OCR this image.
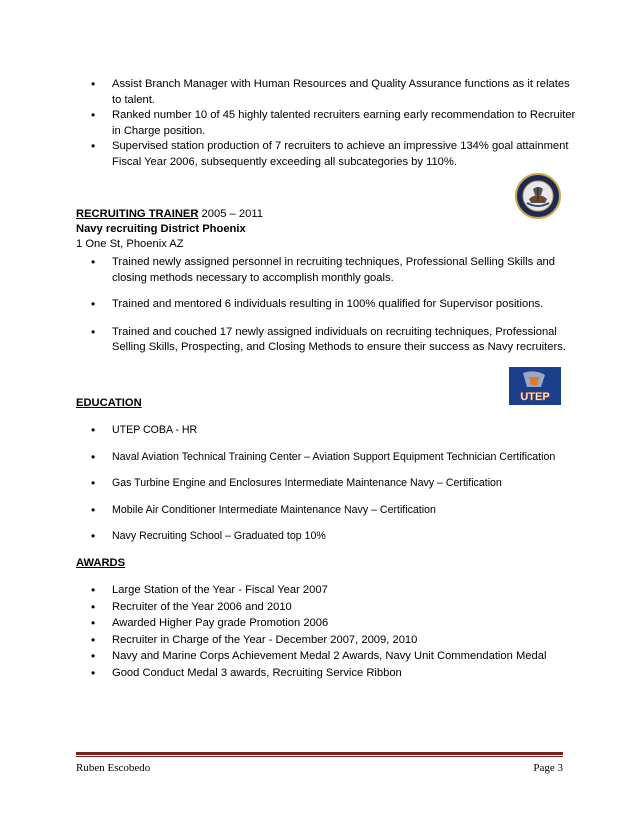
• Assist Branch Manager with Human Resources and Quality Assurance functions as it relates to talent.
• Ranked number 10 of 45 highly talented recruiters earning early recommendation to Recruiter in Charge position.
• Supervised station production of 7 recruiters to achieve an impressive 134% goal attainment Fiscal Year 2006, subsequently exceeding all subcategories by 110%.
RECRUITING TRAINER 2005 – 2011
Navy recruiting District Phoenix
1 One St, Phoenix AZ
• Trained newly assigned personnel in recruiting techniques, Professional Selling Skills and closing methods necessary to accomplish monthly goals.
• Trained and mentored 6 individuals resulting in 100% qualified for Supervisor positions.
• Trained and couched 17 newly assigned individuals on recruiting techniques, Professional Selling Skills, Prospecting, and Closing Methods to ensure their success as Navy recruiters.
UTEP
EDUCATION
• UTEP COBA - HR
• Naval Aviation Technical Training Center – Aviation Support Equipment Technician Certification
• Gas Turbine Engine and Enclosures Intermediate Maintenance Navy – Certification
• Mobile Air Conditioner Intermediate Maintenance Navy – Certification
• Navy Recruiting School – Graduated top 10%
AWARDS
• Large Station of the Year - Fiscal Year 2007
• Recruiter of the Year 2006 and 2010
• Awarded Higher Pay grade Promotion 2006
• Recruiter in Charge of the Year - December 2007, 2009, 2010
• Navy and Marine Corps Achievement Medal 2 Awards, Navy Unit Commendation Medal
• Good Conduct Medal 3 awards, Recruiting Service Ribbon
Ruben Escobedo	Page 3
